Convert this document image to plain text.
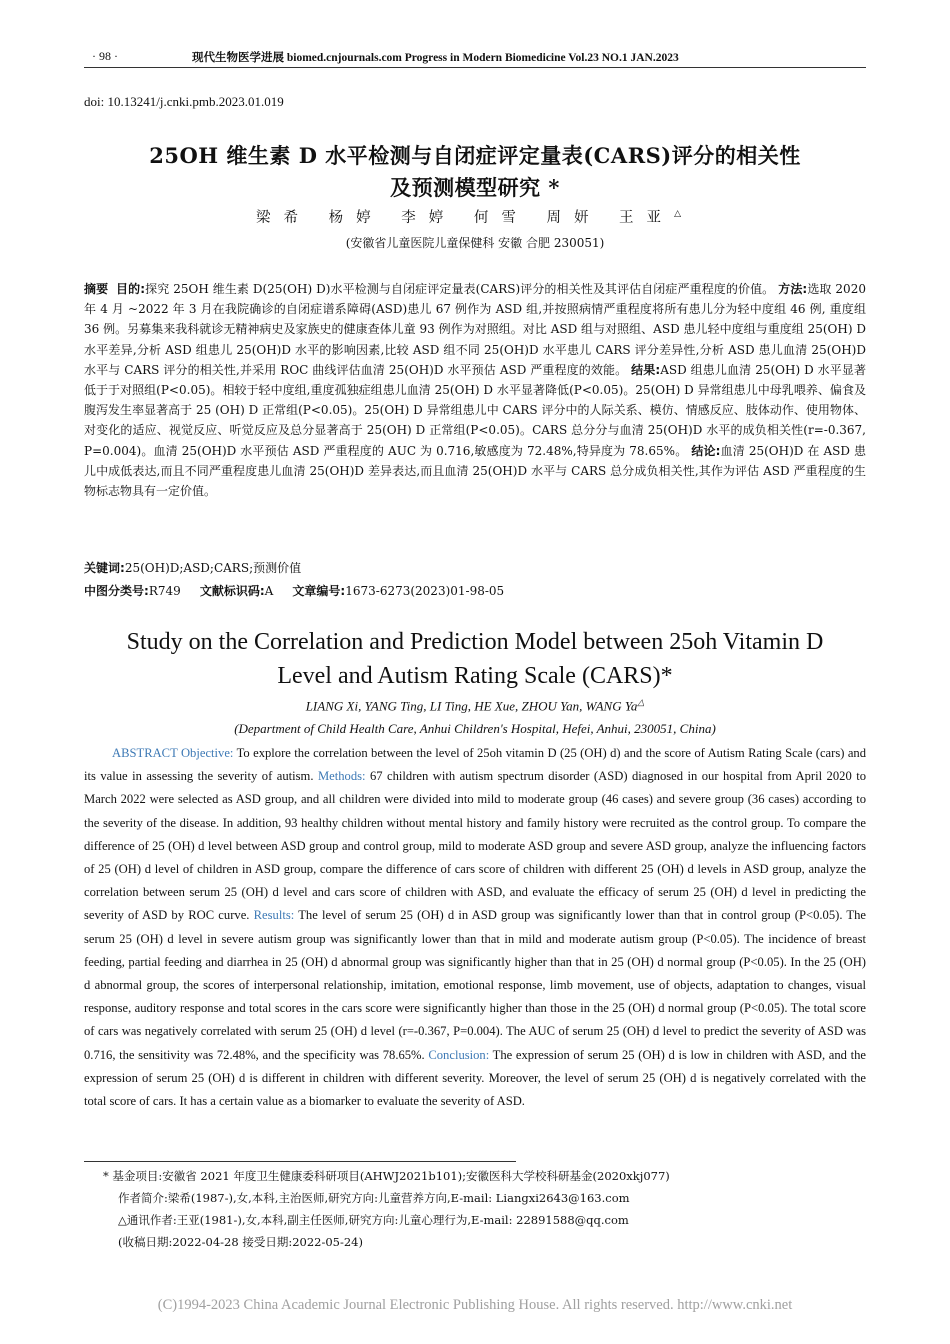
· 98 ·	现代生物医学进展 biomed.cnjournals.com Progress in Modern Biomedicine Vol.23 NO.1 JAN.2023
doi: 10.13241/j.cnki.pmb.2023.01.019
25OH 维生素 D 水平检测与自闭症评定量表(CARS)评分的相关性
及预测模型研究 *
梁希 杨婷 李婷 何雪 周妍 王亚△
(安徽省儿童医院儿童保健科 安徽 合肥 230051)
摘要 目的:探究 25OH 维生素 D(25(OH) D)水平检测与自闭症评定量表(CARS)评分的相关性及其评估自闭症严重程度的价值。 方法:选取 2020 年 4 月 ~2022 年 3 月在我院确诊的自闭症谱系障碍(ASD)患儿 67 例作为 ASD 组,并按照病情严重程度将所有患儿分为轻中度组 46 例, 重度组 36 例。另募集来我科就诊无精神病史及家族史的健康查体儿童 93 例作为对照组。对比 ASD 组与对照组、ASD 患儿轻中度组与重度组 25(OH) D 水平差异,分析 ASD 组患儿 25(OH)D 水平的影响因素,比较 ASD 组不同 25(OH)D 水平患儿 CARS 评分差异性,分析 ASD 患儿血清 25(OH)D 水平与 CARS 评分的相关性,并采用 ROC 曲线评估血清 25(OH)D 水平预估 ASD 严重程度的效能。 结果:ASD 组患儿血清 25(OH) D 水平显著低于于对照组(P<0.05)。相较于轻中度组,重度孤独症组患儿血清 25(OH) D 水平显著降低(P<0.05)。25(OH) D 异常组患儿中母乳喂养、偏食及腹泻发生率显著高于 25 (OH) D 正常组(P<0.05)。25(OH) D 异常组患儿中 CARS 评分中的人际关系、模仿、情感反应、肢体动作、使用物体、对变化的适应、视觉反应、听觉反应及总分显著高于 25(OH) D 正常组(P<0.05)。CARS 总分分与血清 25(OH)D 水平的成负相关性(r=-0.367, P=0.004)。血清 25(OH)D 水平预估 ASD 严重程度的 AUC 为 0.716,敏感度为 72.48%,特异度为 78.65%。 结论:血清 25(OH)D 在 ASD 患儿中成低表达,而且不同严重程度患儿血清 25(OH)D 差异表达,而且血清 25(OH)D 水平与 CARS 总分成负相关性,其作为评估 ASD 严重程度的生物标志物具有一定价值。
关键词:25(OH)D;ASD;CARS;预测价值
中图分类号:R749 文献标识码:A 文章编号:1673-6273(2023)01-98-05
Study on the Correlation and Prediction Model between 25oh Vitamin D
Level and Autism Rating Scale (CARS)*
LIANG Xi, YANG Ting, LI Ting, HE Xue, ZHOU Yan, WANG Ya△
(Department of Child Health Care, Anhui Children's Hospital, Hefei, Anhui, 230051, China)
ABSTRACT Objective: To explore the correlation between the level of 25oh vitamin D (25 (OH) d) and the score of Autism Rating Scale (cars) and its value in assessing the severity of autism. Methods: 67 children with autism spectrum disorder (ASD) diagnosed in our hospital from April 2020 to March 2022 were selected as ASD group, and all children were divided into mild to moderate group (46 cases) and severe group (36 cases) according to the severity of the disease. In addition, 93 healthy children without mental history and family history were recruited as the control group. To compare the difference of 25 (OH) d level between ASD group and control group, mild to moderate ASD group and severe ASD group, analyze the influencing factors of 25 (OH) d level of children in ASD group, compare the difference of cars score of children with different 25 (OH) d levels in ASD group, analyze the correlation between serum 25 (OH) d level and cars score of children with ASD, and evaluate the efficacy of serum 25 (OH) d level in predicting the severity of ASD by ROC curve. Results: The level of serum 25 (OH) d in ASD group was significantly lower than that in control group (P<0.05). The serum 25 (OH) d level in severe autism group was significantly lower than that in mild and moderate autism group (P<0.05). The incidence of breast feeding, partial feeding and diarrhea in 25 (OH) d abnormal group was significantly higher than that in 25 (OH) d normal group (P<0.05). In the 25 (OH) d abnormal group, the scores of interpersonal relationship, imitation, emotional response, limb movement, use of objects, adaptation to changes, visual response, auditory response and total scores in the cars score were significantly higher than those in the 25 (OH) d normal group (P<0.05). The total score of cars was negatively correlated with serum 25 (OH) d level (r=-0.367, P=0.004). The AUC of serum 25 (OH) d level to predict the severity of ASD was 0.716, the sensitivity was 72.48%, and the specificity was 78.65%. Conclusion: The expression of serum 25 (OH) d is low in children with ASD, and the expression of serum 25 (OH) d is different in children with different severity. Moreover, the level of serum 25 (OH) d is negatively correlated with the total score of cars. It has a certain value as a biomarker to evaluate the severity of ASD.
* 基金项目:安徽省 2021 年度卫生健康委科研项目(AHWJ2021b101);安徽医科大学校科研基金(2020xkj077)
作者简介:梁希(1987-),女,本科,主治医师,研究方向:儿童营养方向,E-mail: Liangxi2643@163.com
△通讯作者:王亚(1981-),女,本科,副主任医师,研究方向:儿童心理行为,E-mail: 22891588@qq.com
(收稿日期:2022-04-28 接受日期:2022-05-24)
(C)1994-2023 China Academic Journal Electronic Publishing House. All rights reserved. http://www.cnki.net
